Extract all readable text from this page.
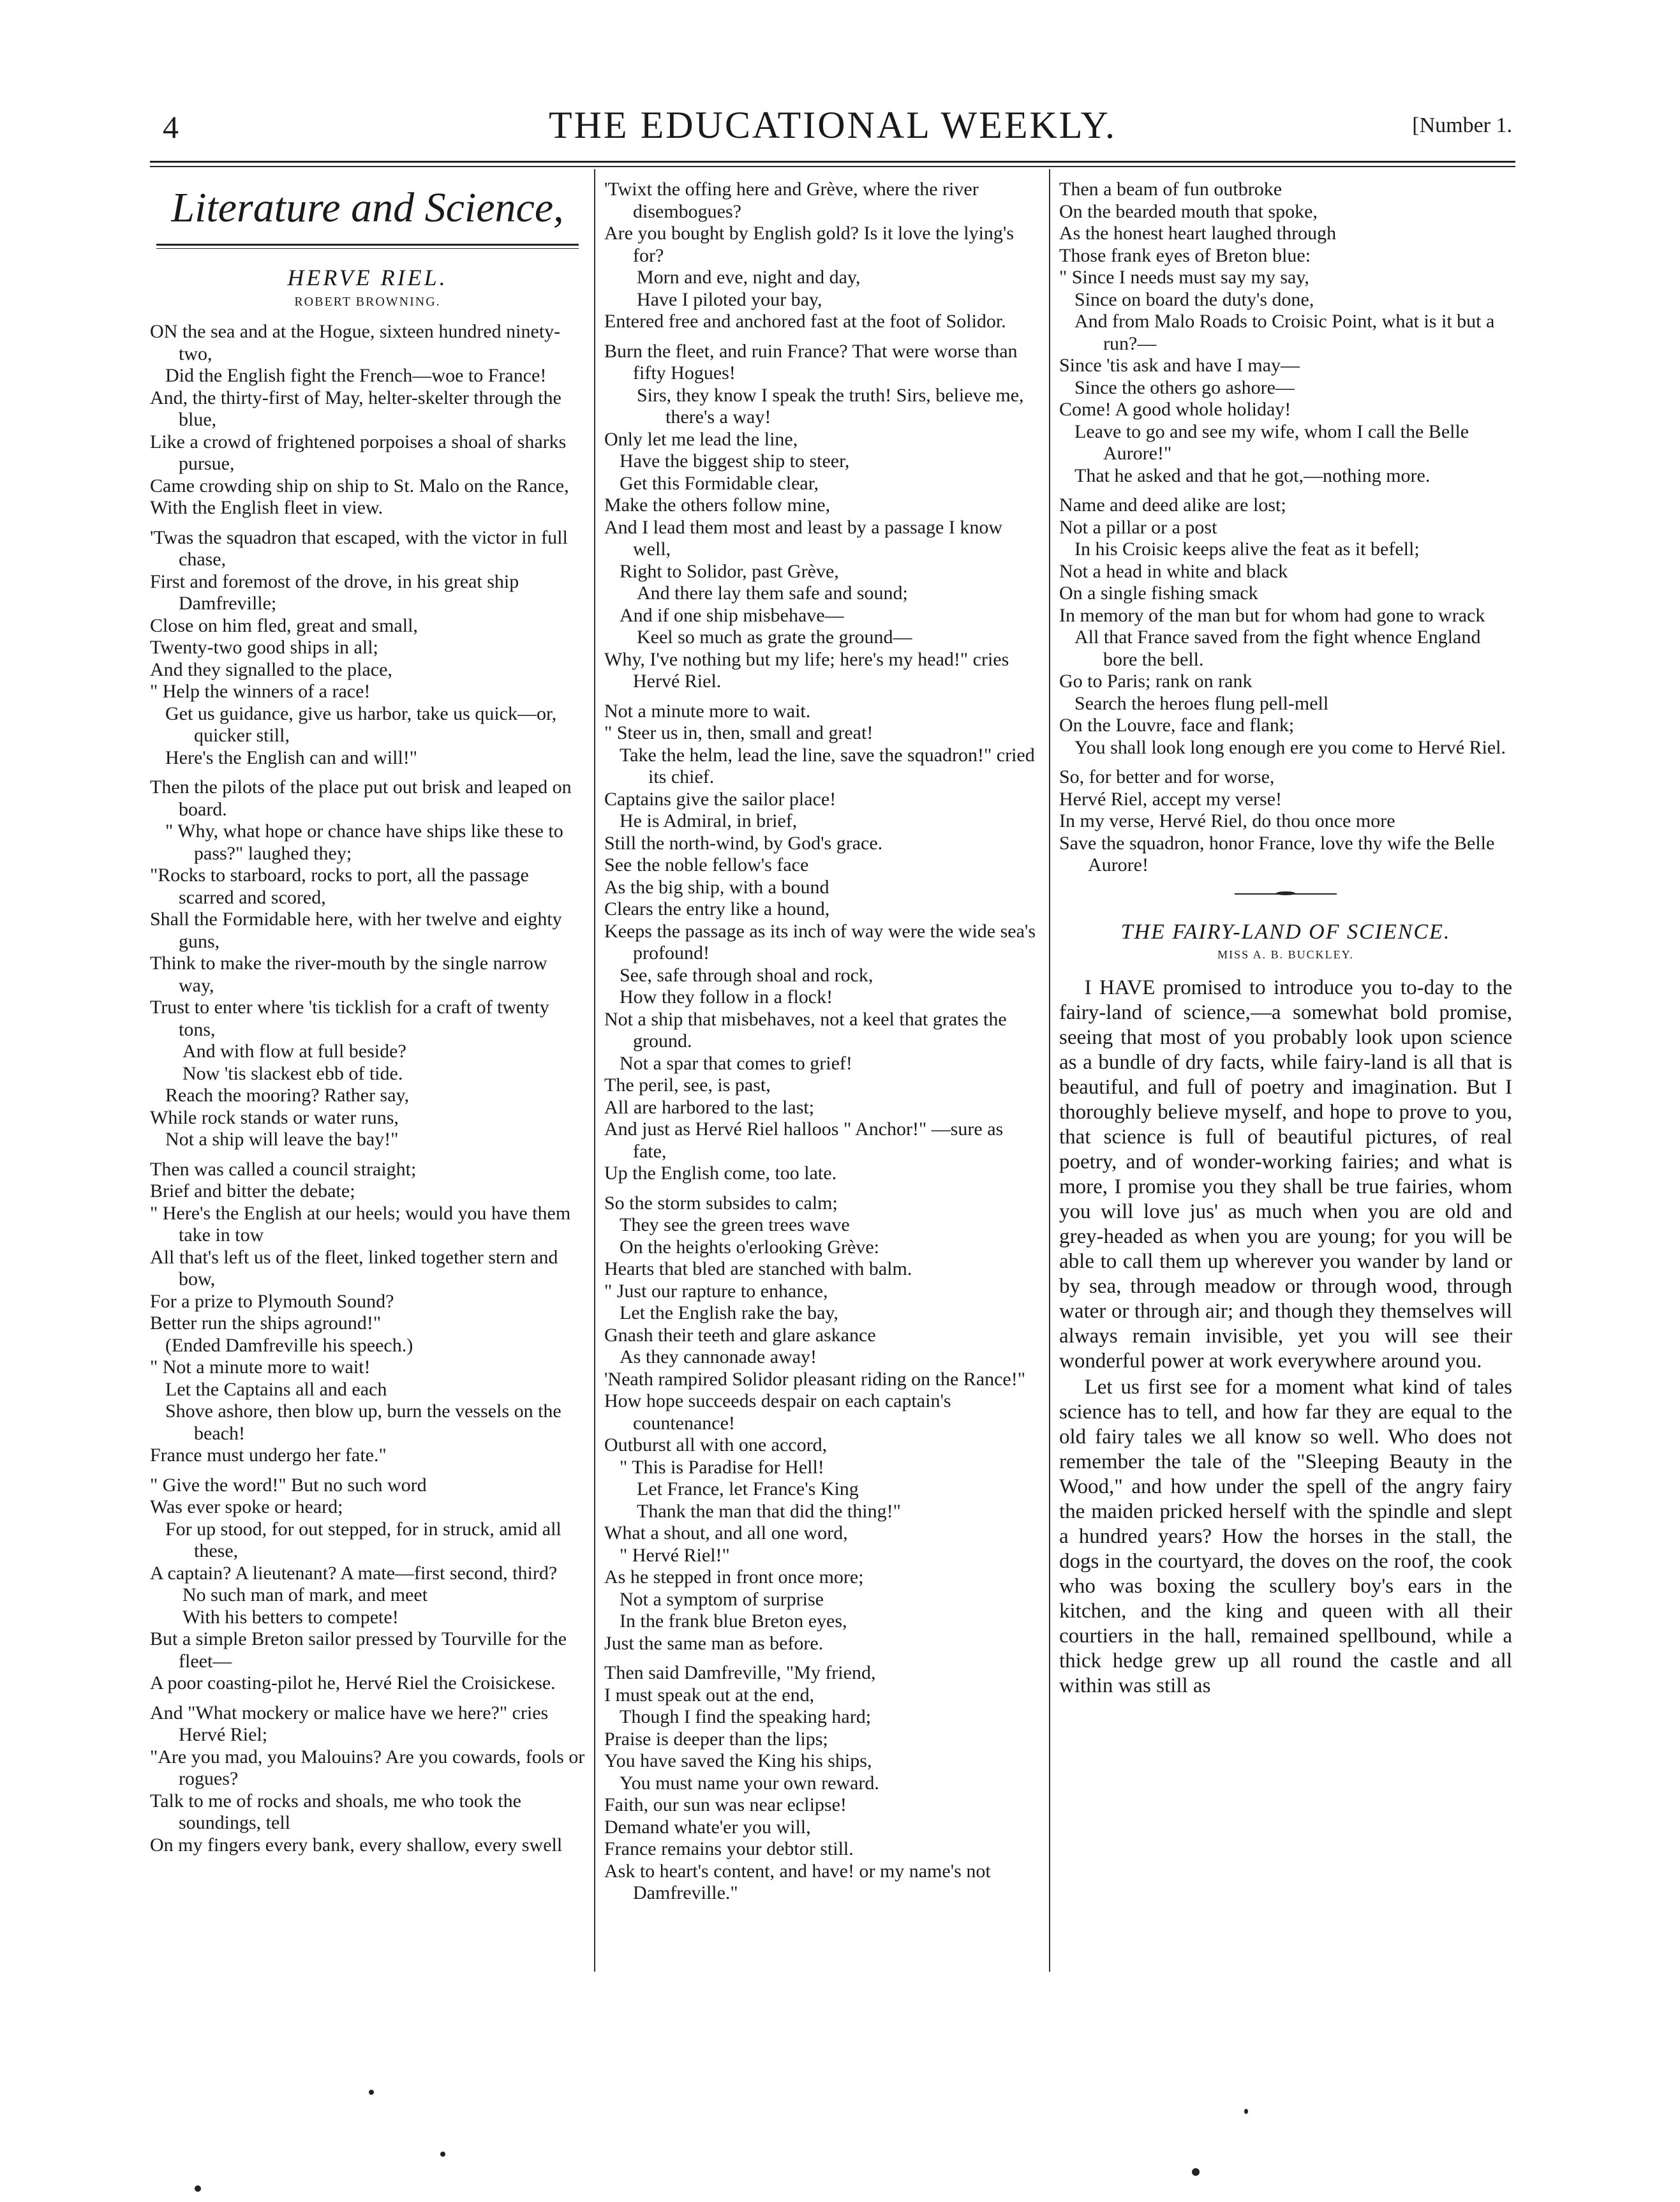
4	THE EDUCATIONAL WEEKLY.	[Number 1.
Literature and Science,
HERVE RIEL.
ROBERT BROWNING.
ON the sea and at the Hogue, sixteen hundred ninety-two,
Did the English fight the French—woe to France!
And, the thirty-first of May, helter-skelter through the blue,
Like a crowd of frightened porpoises a shoal of sharks pursue,
Came crowding ship on ship to St. Malo on the Rance,
With the English fleet in view.
'Twas the squadron that escaped, with the victor in full chase,
First and foremost of the drove, in his great ship Damfreville;
Close on him fled, great and small,
Twenty-two good ships in all;
And they signalled to the place,
" Help the winners of a race!
Get us guidance, give us harbor, take us quick—or, quicker still,
Here's the English can and will!"
Then the pilots of the place put out brisk and leaped on board.
" Why, what hope or chance have ships like these to pass?" laughed they;
"Rocks to starboard, rocks to port, all the passage scarred and scored,
Shall the Formidable here, with her twelve and eighty guns,
Think to make the river-mouth by the single narrow way,
Trust to enter where 'tis ticklish for a craft of twenty tons,
And with flow at full beside?
Now 'tis slackest ebb of tide.
Reach the mooring? Rather say,
While rock stands or water runs,
Not a ship will leave the bay!"
Then was called a council straight;
Brief and bitter the debate;
" Here's the English at our heels; would you have them take in tow
All that's left us of the fleet, linked together stern and bow,
For a prize to Plymouth Sound?
Better run the ships aground!"
(Ended Damfreville his speech.)
" Not a minute more to wait!
Let the Captains all and each
Shove ashore, then blow up, burn the vessels on the beach!
France must undergo her fate."
" Give the word!" But no such word
Was ever spoke or heard;
For up stood, for out stepped, for in struck, amid all these,
A captain? A lieutenant? A mate—first second, third?
No such man of mark, and meet
With his betters to compete!
But a simple Breton sailor pressed by Tourville for the fleet—
A poor coasting-pilot he, Hervé Riel the Croisickese.
And "What mockery or malice have we here?" cries Hervé Riel;
"Are you mad, you Malouins? Are you cowards, fools or rogues?
Talk to me of rocks and shoals, me who took the soundings, tell
On my fingers every bank, every shallow, every swell
'Twixt the offing here and Grève, where the river disembogues?
Are you bought by English gold? Is it love the lying's for?
Morn and eve, night and day,
Have I piloted your bay,
Entered free and anchored fast at the foot of Solidor.
Burn the fleet, and ruin France? That were worse than fifty Hogues!
Sirs, they know I speak the truth! Sirs, believe me, there's a way!
Only let me lead the line,
Have the biggest ship to steer,
Get this Formidable clear,
Make the others follow mine,
And I lead them most and least by a passage I know well,
Right to Solidor, past Grève,
And there lay them safe and sound;
And if one ship misbehave—
Keel so much as grate the ground—
Why, I've nothing but my life; here's my head!" cries Hervé Riel.
Not a minute more to wait.
" Steer us in, then, small and great!
Take the helm, lead the line, save the squadron!" cried its chief.
Captains give the sailor place!
He is Admiral, in brief,
Still the north-wind, by God's grace.
See the noble fellow's face
As the big ship, with a bound
Clears the entry like a hound,
Keeps the passage as its inch of way were the wide sea's profound!
See, safe through shoal and rock,
How they follow in a flock!
Not a ship that misbehaves, not a keel that grates the ground.
Not a spar that comes to grief!
The peril, see, is past,
All are harbored to the last;
And just as Hervé Riel halloos " Anchor!" —sure as fate,
Up the English come, too late.
So the storm subsides to calm;
They see the green trees wave
On the heights o'erlooking Grève:
Hearts that bled are stanched with balm.
" Just our rapture to enhance,
Let the English rake the bay,
Gnash their teeth and glare askance
As they cannonade away!
'Neath rampired Solidor pleasant riding on the Rance!"
How hope succeeds despair on each captain's countenance!
Outburst all with one accord,
" This is Paradise for Hell!
Let France, let France's King
Thank the man that did the thing!"
What a shout, and all one word,
" Hervé Riel!"
As he stepped in front once more;
Not a symptom of surprise
In the frank blue Breton eyes,
Just the same man as before.
Then said Damfreville, "My friend,
I must speak out at the end,
Though I find the speaking hard;
Praise is deeper than the lips;
You have saved the King his ships,
You must name your own reward.
Faith, our sun was near eclipse!
Demand whate'er you will,
France remains your debtor still.
Ask to heart's content, and have! or my name's not Damfreville."
Then a beam of fun outbroke
On the bearded mouth that spoke,
As the honest heart laughed through
Those frank eyes of Breton blue:
" Since I needs must say my say,
Since on board the duty's done,
And from Malo Roads to Croisic Point, what is it but a run?—
Since 'tis ask and have I may—
Since the others go ashore—
Come! A good whole holiday!
Leave to go and see my wife, whom I call the Belle Aurore!"
That he asked and that he got,—nothing more.
Name and deed alike are lost;
Not a pillar or a post
In his Croisic keeps alive the feat as it befell;
Not a head in white and black
On a single fishing smack
In memory of the man but for whom had gone to wrack
All that France saved from the fight whence England bore the bell.
Go to Paris; rank on rank
Search the heroes flung pell-mell
On the Louvre, face and flank;
You shall look long enough ere you come to Hervé Riel.
So, for better and for worse,
Hervé Riel, accept my verse!
In my verse, Hervé Riel, do thou once more
Save the squadron, honor France, love thy wife the Belle Aurore!
THE FAIRY-LAND OF SCIENCE.
MISS A. B. BUCKLEY.

I HAVE promised to introduce you to-day to the fairy-land of science,—a somewhat bold promise, seeing that most of you probably look upon science as a bundle of dry facts, while fairy-land is all that is beautiful, and full of poetry and imagination. But I thoroughly believe myself, and hope to prove to you, that science is full of beautiful pictures, of real poetry, and of wonder-working fairies; and what is more, I promise you they shall be true fairies, whom you will love jus' as much when you are old and grey-headed as when you are young; for you will be able to call them up wherever you wander by land or by sea, through meadow or through wood, through water or through air; and though they themselves will always remain invisible, yet you will see their wonderful power at work everywhere around you.

Let us first see for a moment what kind of tales science has to tell, and how far they are equal to the old fairy tales we all know so well. Who does not remember the tale of the "Sleeping Beauty in the Wood," and how under the spell of the angry fairy the maiden pricked herself with the spindle and slept a hundred years? How the horses in the stall, the dogs in the courtyard, the doves on the roof, the cook who was boxing the scullery boy's ears in the kitchen, and the king and queen with all their courtiers in the hall, remained spellbound, while a thick hedge grew up all round the castle and all within was still as
